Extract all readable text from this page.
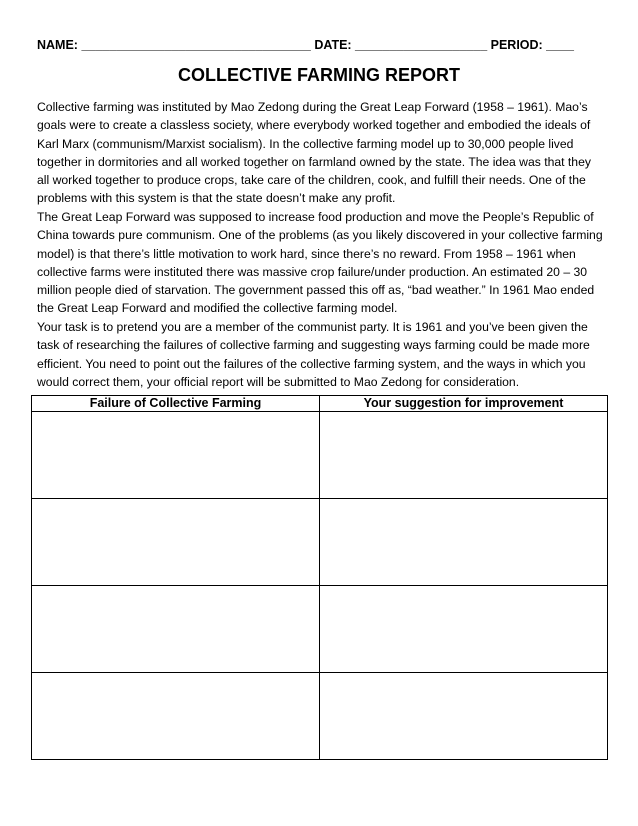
NAME: _________________________________ DATE: ___________________ PERIOD: ____
COLLECTIVE FARMING REPORT

Collective farming was instituted by Mao Zedong during the Great Leap Forward (1958 – 1961). Mao’s goals were to create a classless society, where everybody worked together and embodied the ideals of Karl Marx (communism/Marxist socialism). In the collective farming model up to 30,000 people lived together in dormitories and all worked together on farmland owned by the state. The idea was that they all worked together to produce crops, take care of the children, cook, and fulfill their needs. One of the problems with this system is that the state doesn’t make any profit.

The Great Leap Forward was supposed to increase food production and move the People’s Republic of China towards pure communism. One of the problems (as you likely discovered in your collective farming model) is that there’s little motivation to work hard, since there’s no reward. From 1958 – 1961 when collective farms were instituted there was massive crop failure/under production. An estimated 20 – 30 million people died of starvation. The government passed this off as, “bad weather.” In 1961 Mao ended the Great Leap Forward and modified the collective farming model.

Your task is to pretend you are a member of the communist party. It is 1961 and you’ve been given the task of researching the failures of collective farming and suggesting ways farming could be made more efficient. You need to point out the failures of the collective farming system, and the ways in which you would correct them, your official report will be submitted to Mao Zedong for consideration.

Failure of Collective Farming	Your suggestion for improvement
